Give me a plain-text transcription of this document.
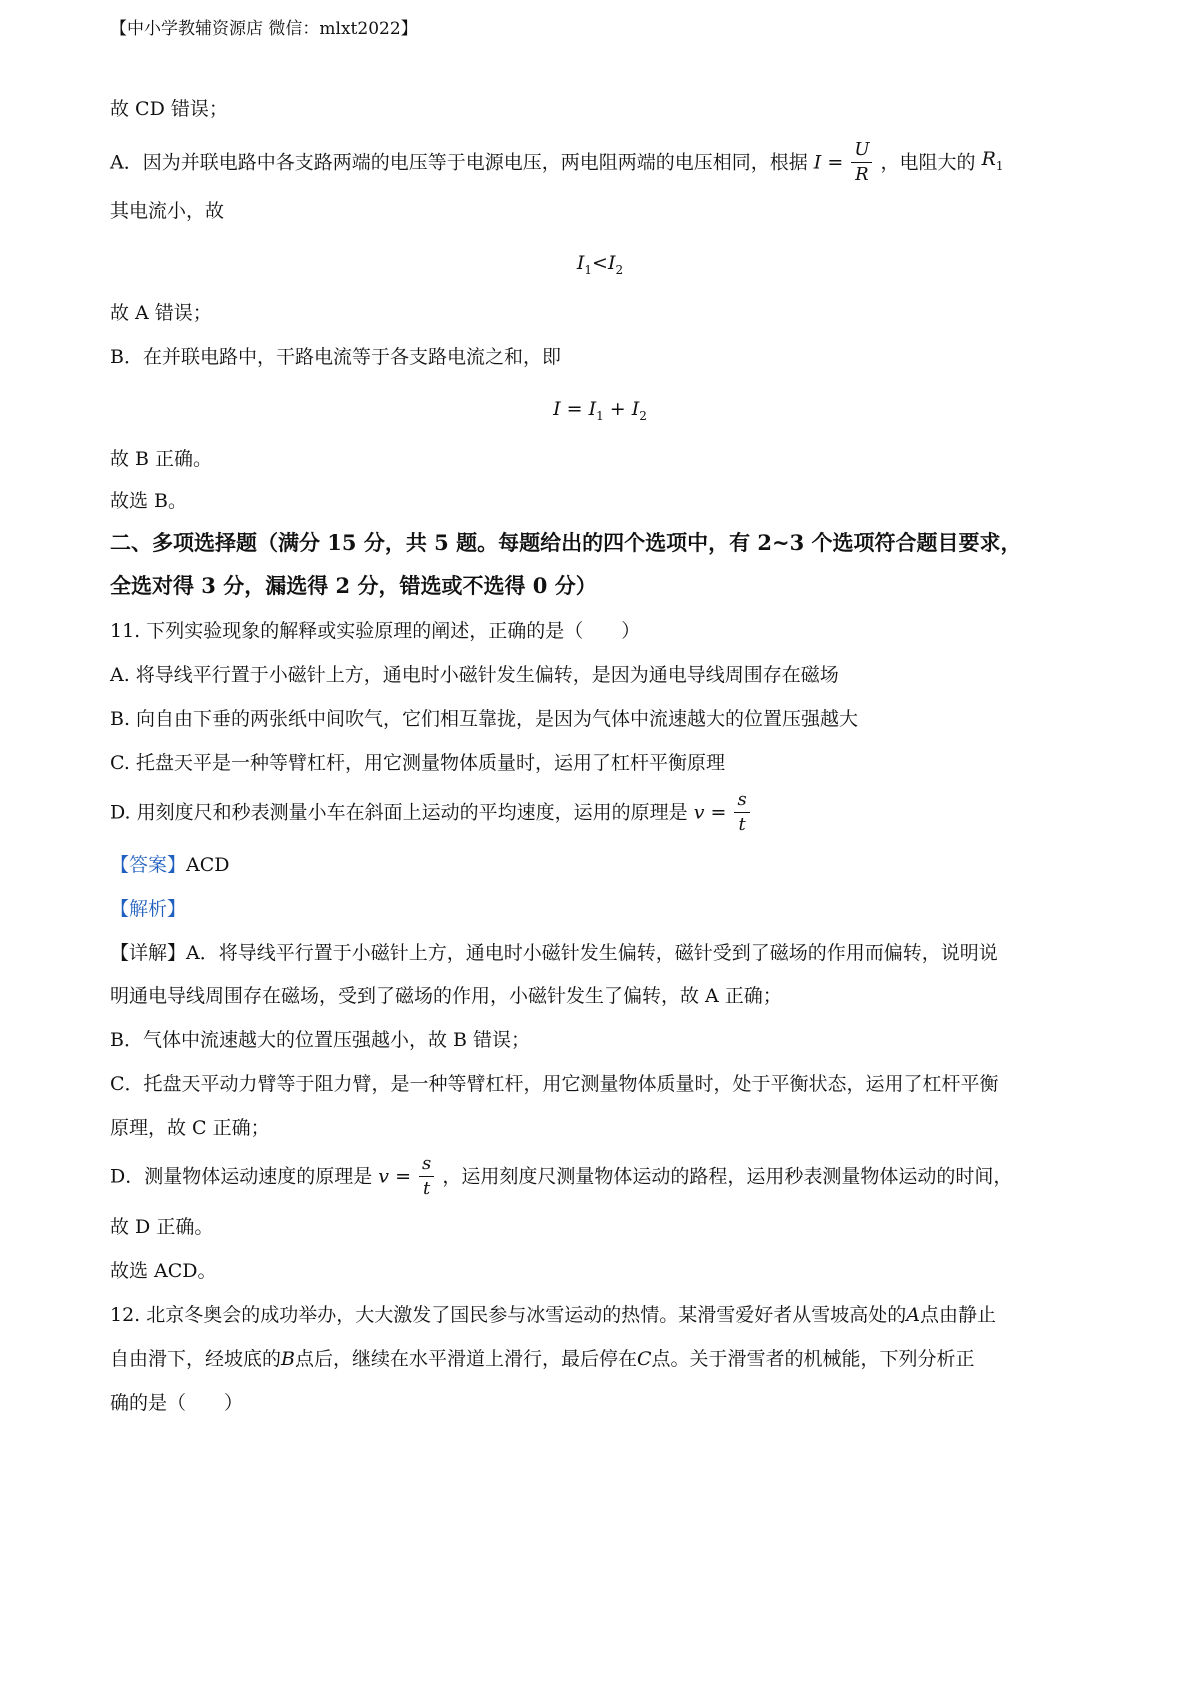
【中小学教辅资源店 微信：mlxt2022】
故 CD 错误；
A．因为并联电路中各支路两端的电压等于电源电压，两电阻两端的电压相同，根据 $I = \frac{U}{R}$ ，电阻大的 $R_1$
其电流小，故
$I_1<I_2$
故 A 错误；
B．在并联电路中，干路电流等于各支路电流之和，即
$I = I_1 + I_2$
故 B 正确。
故选 B。
二、多项选择题（满分 15 分，共 5 题。每题给出的四个选项中，有 2~3 个选项符合题目要求，
全选对得 3 分，漏选得 2 分，错选或不选得 0 分）
11. 下列实验现象的解释或实验原理的阐述，正确的是（　　）
A. 将导线平行置于小磁针上方，通电时小磁针发生偏转，是因为通电导线周围存在磁场
B. 向自由下垂的两张纸中间吹气，它们相互靠拢，是因为气体中流速越大的位置压强越大
C. 托盘天平是一种等臂杠杆，用它测量物体质量时，运用了杠杆平衡原理
D. 用刻度尺和秒表测量小车在斜面上运动的平均速度，运用的原理是 $v = \frac{s}{t}$
【答案】ACD
【解析】
【详解】A．将导线平行置于小磁针上方，通电时小磁针发生偏转，磁针受到了磁场的作用而偏转，说明说
明通电导线周围存在磁场，受到了磁场的作用，小磁针发生了偏转，故 A 正确；
B．气体中流速越大的位置压强越小，故 B 错误；
C．托盘天平动力臂等于阻力臂，是一种等臂杠杆，用它测量物体质量时，处于平衡状态，运用了杠杆平衡
原理，故 C 正确；
D．测量物体运动速度的原理是 $v = \frac{s}{t}$ ，运用刻度尺测量物体运动的路程，运用秒表测量物体运动的时间，
故 D 正确。
故选 ACD。
12. 北京冬奥会的成功举办，大大激发了国民参与冰雪运动的热情。某滑雪爱好者从雪坡高处的A点由静止
自由滑下，经坡底的B点后，继续在水平滑道上滑行，最后停在C点。关于滑雪者的机械能，下列分析正
确的是（　　）
